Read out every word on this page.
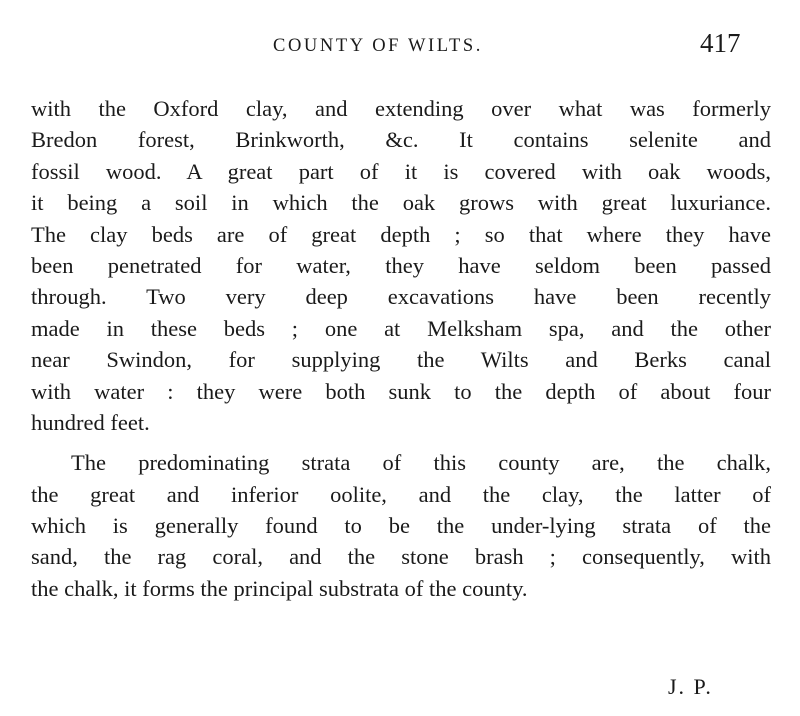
COUNTY OF WILTS.	417
with the Oxford clay, and extending over what was formerly
Bredon forest, Brinkworth, &c. It contains selenite and
fossil wood. A great part of it is covered with oak woods,
it being a soil in which the oak grows with great luxuriance.
The clay beds are of great depth ; so that where they have
been penetrated for water, they have seldom been passed
through. Two very deep excavations have been recently
made in these beds ; one at Melksham spa, and the other
near Swindon, for supplying the Wilts and Berks canal
with water : they were both sunk to the depth of about four
hundred feet.
The predominating strata of this county are, the chalk,
the great and inferior oolite, and the clay, the latter of
which is generally found to be the under-lying strata of the
sand, the rag coral, and the stone brash ; consequently, with
the chalk, it forms the principal substrata of the county.
J. P.
